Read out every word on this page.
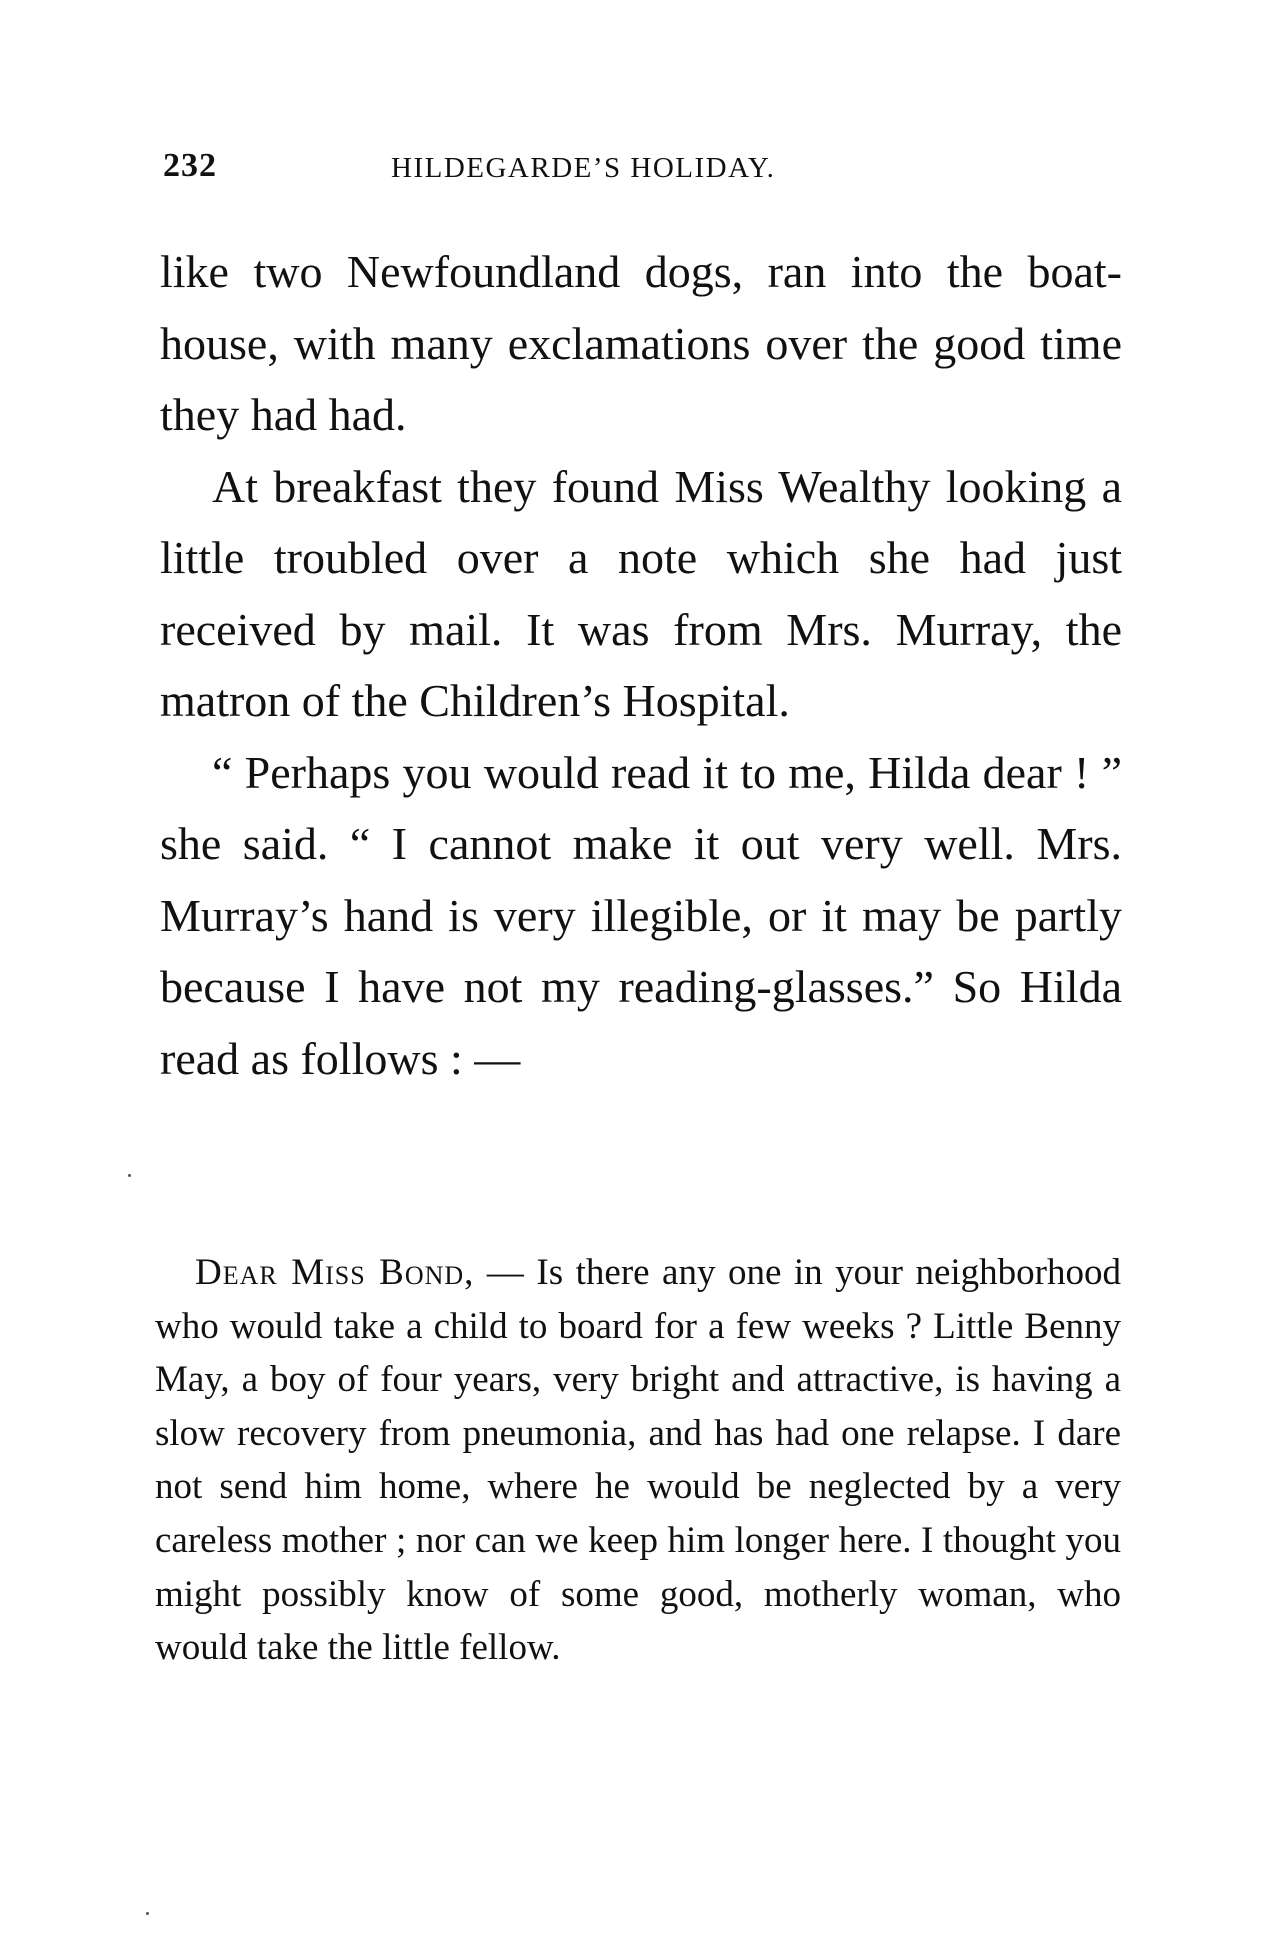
232	HILDEGARDE’S HOLIDAY.

like two Newfoundland dogs, ran into the boat-house, with many exclamations over the good time they had had.

At breakfast they found Miss Wealthy looking a little troubled over a note which she had just received by mail. It was from Mrs. Murray, the matron of the Children’s Hospital.

“ Perhaps you would read it to me, Hilda dear ! ” she said. “ I cannot make it out very well. Mrs. Murray’s hand is very illegible, or it may be partly because I have not my reading-glasses.” So Hilda read as follows : —

Dear Miss Bond, — Is there any one in your neighborhood who would take a child to board for a few weeks ? Little Benny May, a boy of four years, very bright and attractive, is having a slow recovery from pneumonia, and has had one relapse. I dare not send him home, where he would be neglected by a very careless mother ; nor can we keep him longer here. I thought you might possibly know of some good, motherly woman, who would take the little fellow.
